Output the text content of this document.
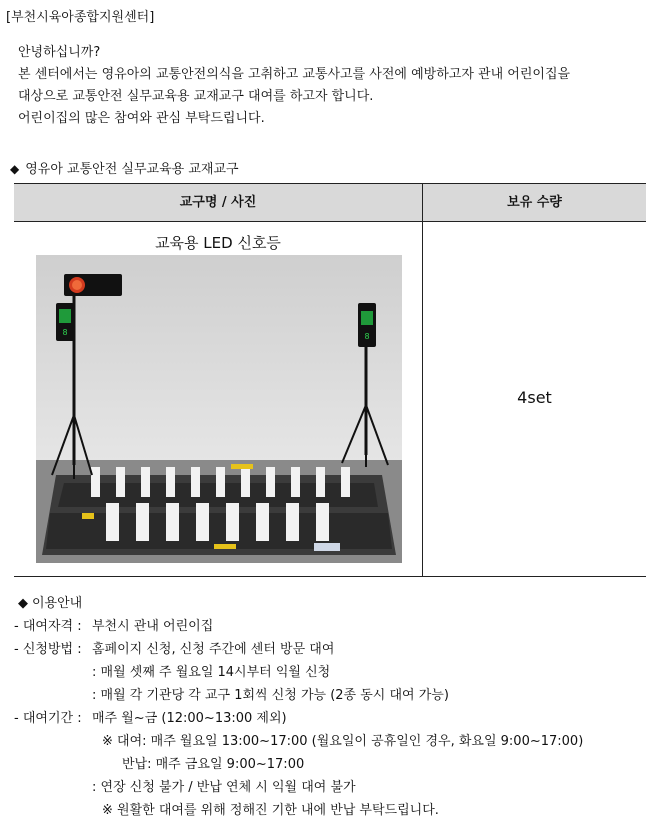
[부천시육아종합지원센터]
안녕하십니까?
본 센터에서는 영유아의 교통안전의식을 고취하고 교통사고를 사전에 예방하고자 관내 어린이집을
대상으로 교통안전 실무교육용 교재교구 대여를 하고자 합니다.
어린이집의 많은 참여와 관심 부탁드립니다.
◆ 영유아 교통안전 실무교육용 교재교구
교구명 / 사진	보유 수량
교육용 LED 신호등
8	8
4set
◆ 이용안내
- 대여자격 : 부천시 관내 어린이집
- 신청방법 : 홈페이지 신청, 신청 주간에 센터 방문 대여
: 매월 셋째 주 월요일 14시부터 익월 신청
: 매월 각 기관당 각 교구 1회씩 신청 가능 (2종 동시 대여 가능)
- 대여기간 : 매주 월~금 (12:00~13:00 제외)
※ 대여: 매주 월요일 13:00~17:00 (월요일이 공휴일인 경우, 화요일 9:00~17:00)
반납: 매주 금요일 9:00~17:00
: 연장 신청 불가 / 반납 연체 시 익월 대여 불가
※ 원활한 대여를 위해 정해진 기한 내에 반납 부탁드립니다.
